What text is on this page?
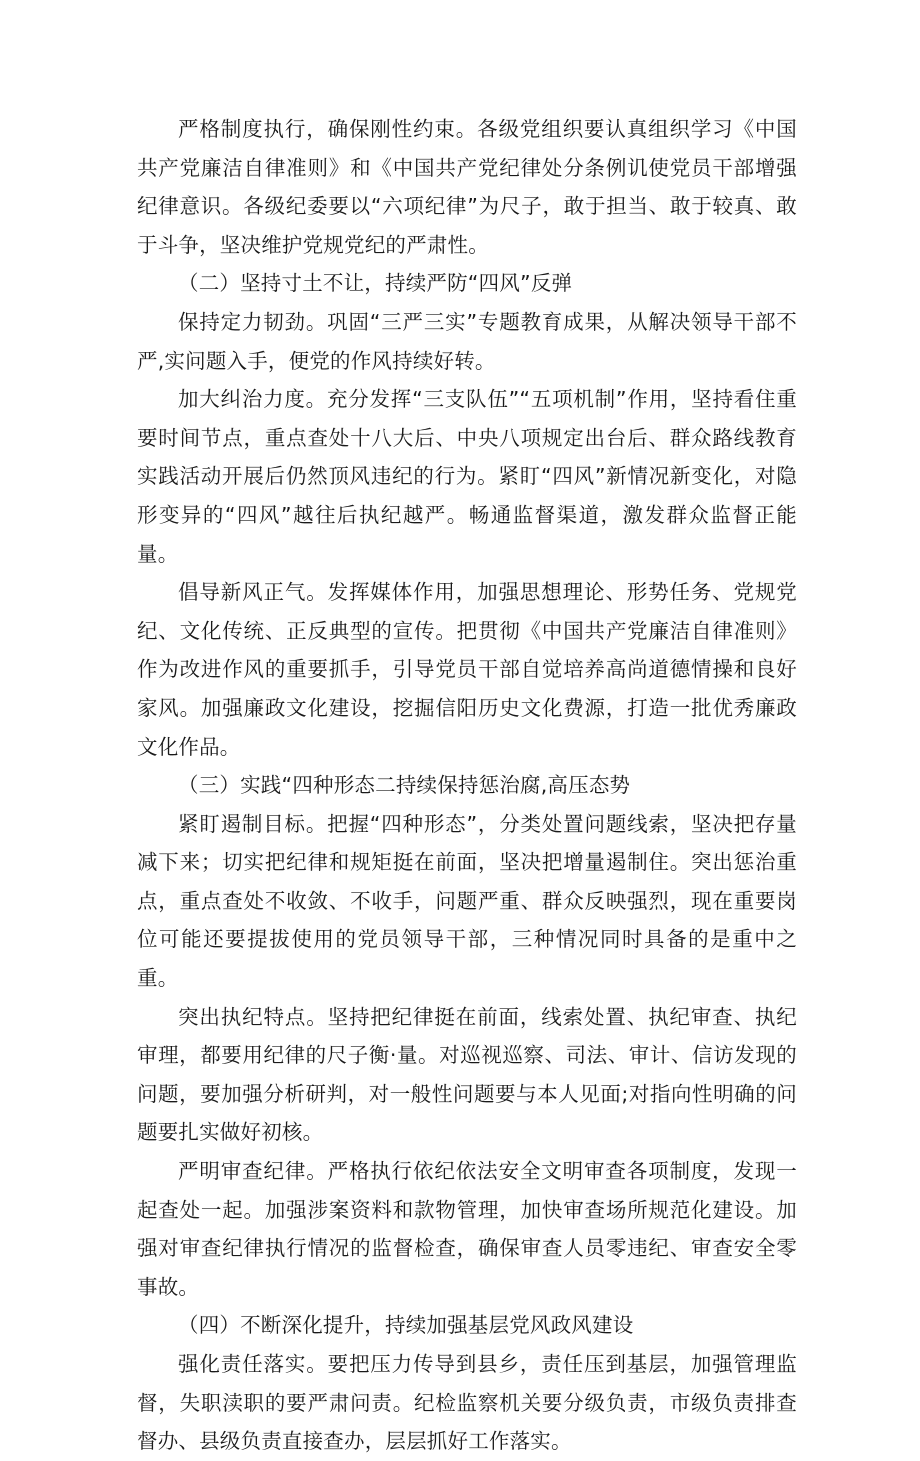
严格制度执行，确保刚性约束。各级党组织要认真组织学习《中国共产党廉洁自律准则》和《中国共产党纪律处分条例讥使党员干部增强纪律意识。各级纪委要以“六项纪律”为尺子，敢于担当、敢于较真、敢于斗争，坚决维护党规党纪的严肃性。

（二）坚持寸土不让，持续严防“四风”反弹

保持定力韧劲。巩固“三严三实”专题教育成果，从解决领导干部不严,实问题入手，便党的作风持续好转。

加大纠治力度。充分发挥“三支队伍”“五项机制”作用，坚持看住重要时间节点，重点查处十八大后、中央八项规定出台后、群众路线教育实践活动开展后仍然顶风违纪的行为。紧盯“四风”新情况新变化，对隐形变异的“四风”越往后执纪越严。畅通监督渠道，激发群众监督正能量。

倡导新风正气。发挥媒体作用，加强思想理论、形势任务、党规党纪、文化传统、正反典型的宣传。把贯彻《中国共产党廉洁自律准则》作为改进作风的重要抓手，引导党员干部自觉培养高尚道德情操和良好家风。加强廉政文化建设，挖掘信阳历史文化费源，打造一批优秀廉政文化作品。

（三）实践“四种形态二持续保持惩治腐,高压态势

紧盯遏制目标。把握“四种形态”，分类处置问题线索，坚决把存量减下来；切实把纪律和规矩挺在前面，坚决把增量遏制住。突出惩治重点，重点查处不收敛、不收手，问题严重、群众反映强烈，现在重要岗位可能还要提拔使用的党员领导干部，三种情况同时具备的是重中之重。

突出执纪特点。坚持把纪律挺在前面，线索处置、执纪审查、执纪审理，都要用纪律的尺子衡·量。对巡视巡察、司法、审计、信访发现的问题，要加强分析研判，对一般性问题要与本人见面;对指向性明确的问题要扎实做好初核。

严明审查纪律。严格执行依纪依法安全文明审查各项制度，发现一起查处一起。加强涉案资料和款物管理，加快审查场所规范化建设。加强对审查纪律执行情况的监督检查，确保审查人员零违纪、审查安全零事故。

（四）不断深化提升，持续加强基层党风政风建设

强化责任落实。要把压力传导到县乡，责任压到基层，加强管理监督，失职渎职的要严肃问责。纪检监察机关要分级负责，市级负责排查督办、县级负责直接查办，层层抓好工作落实。
